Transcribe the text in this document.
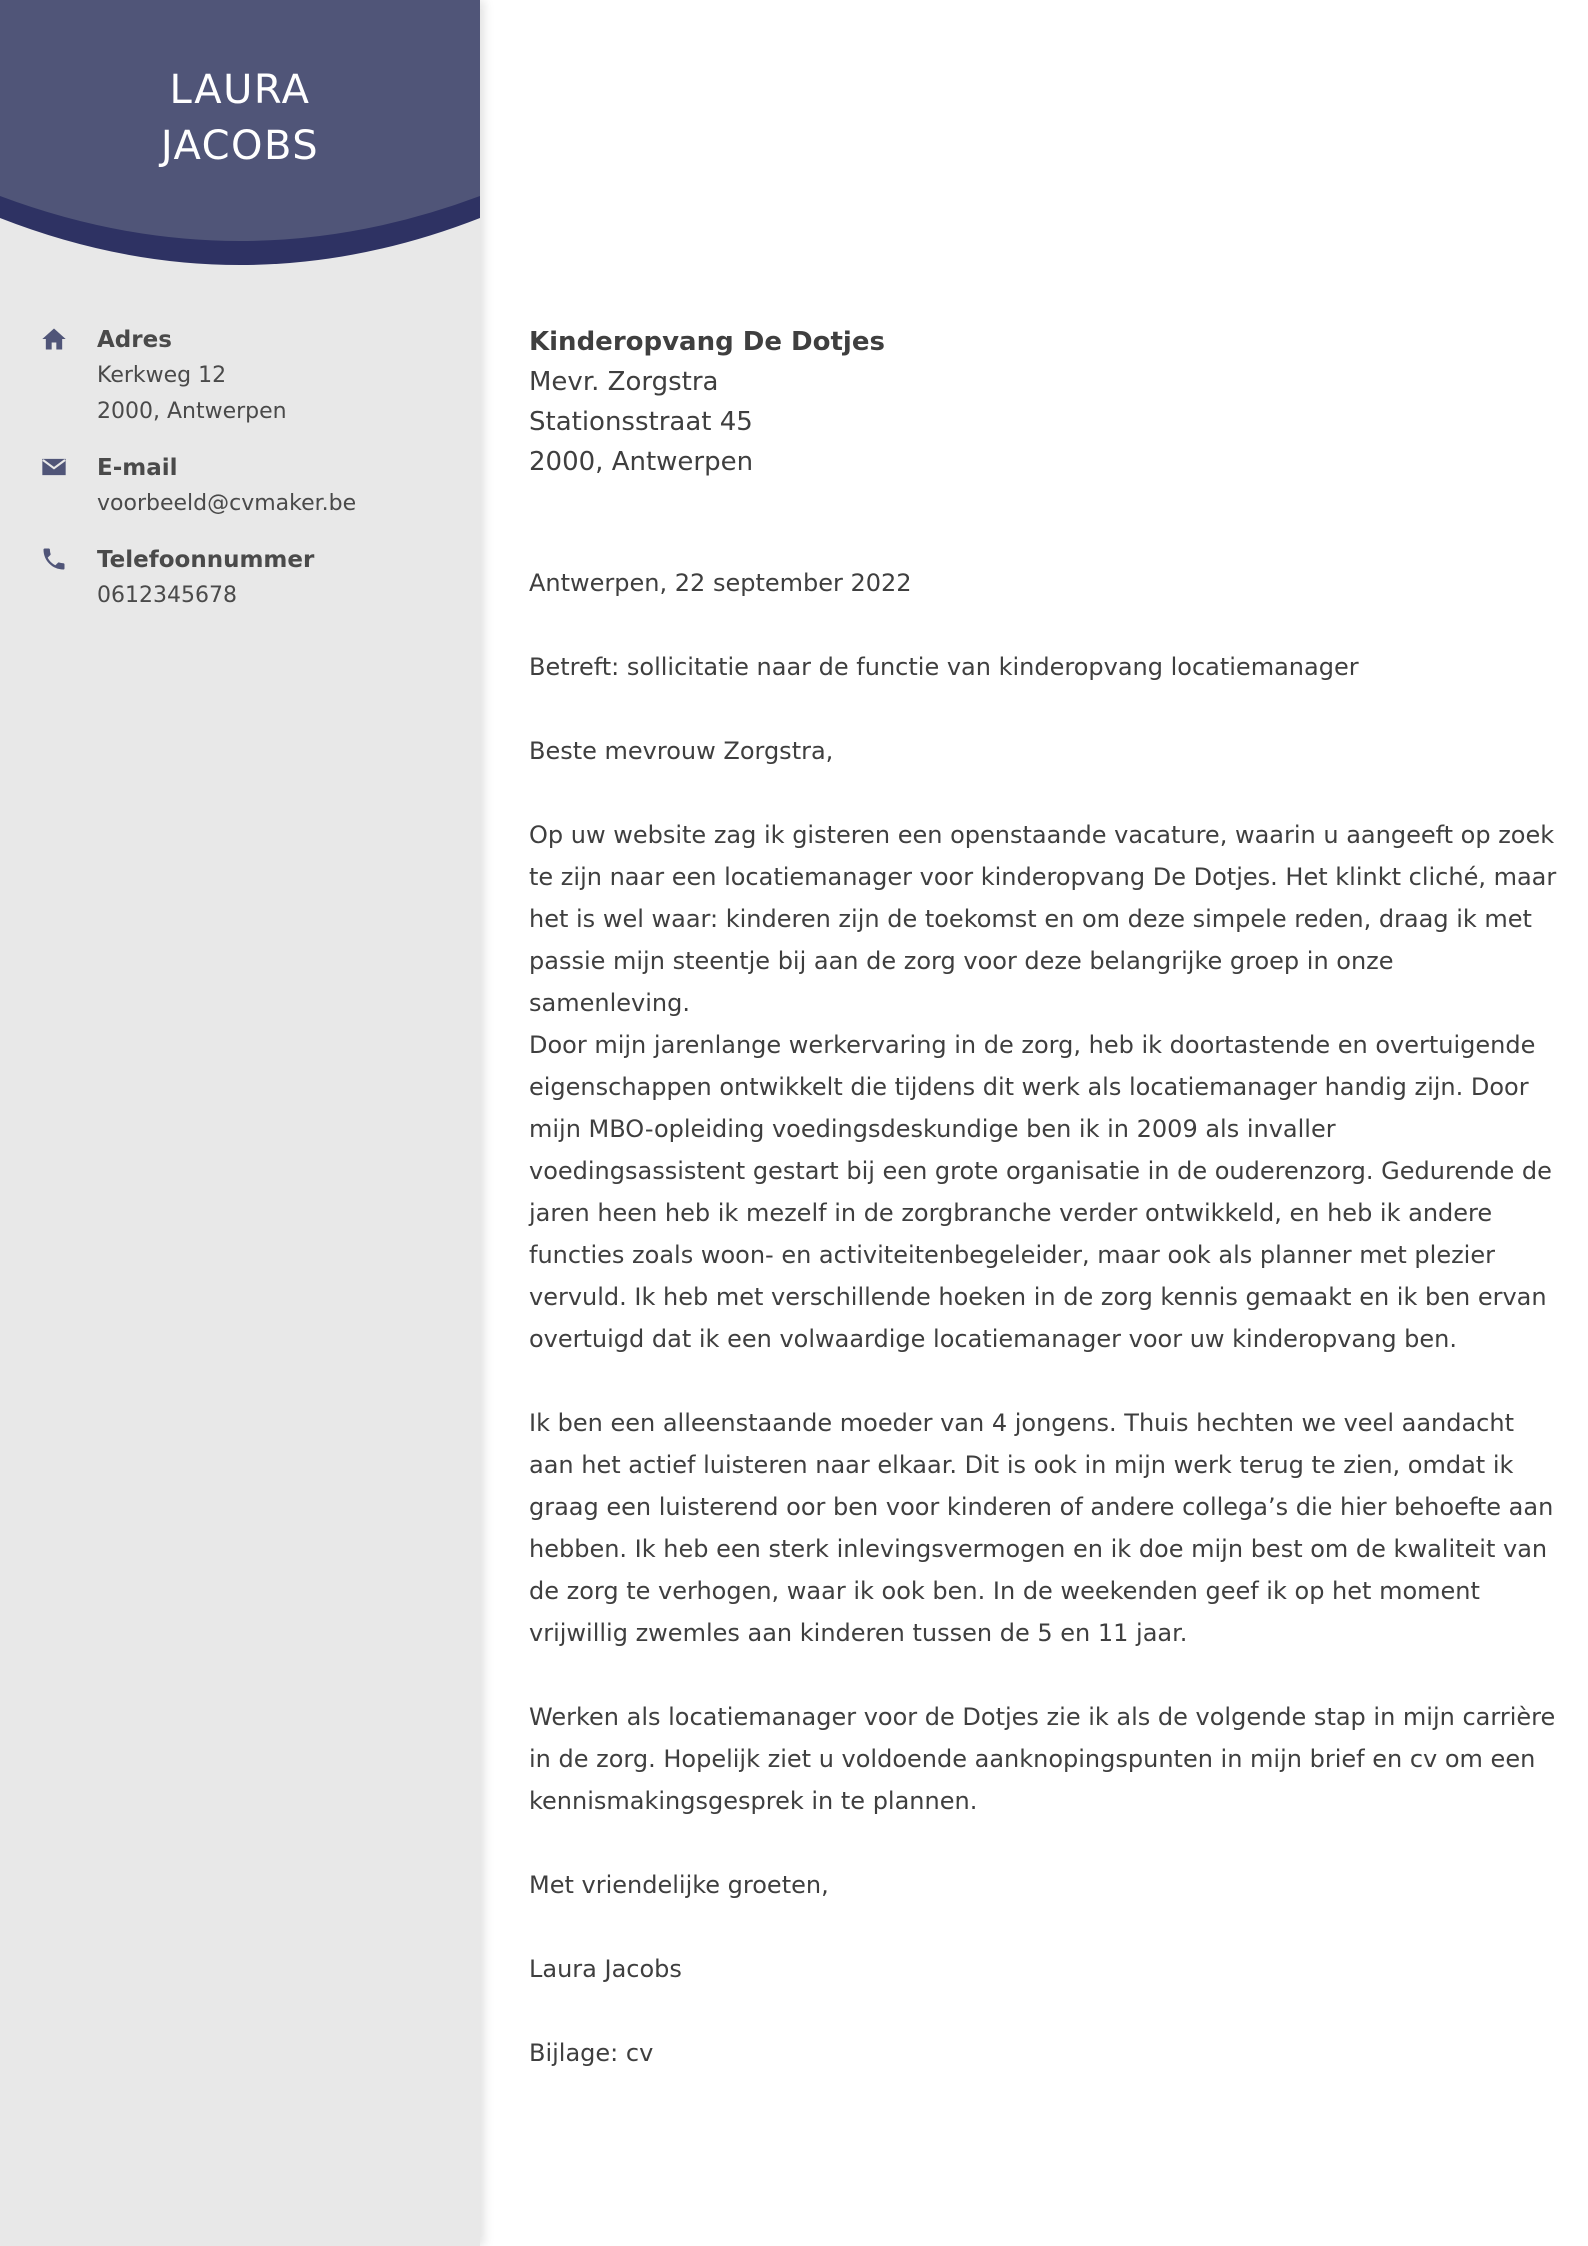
LAURA
JACOBS
Adres
Kerkweg 12
2000, Antwerpen
E-mail
voorbeeld@cvmaker.be
Telefoonnummer
0612345678
Kinderopvang De Dotjes
Mevr. Zorgstra
Stationsstraat 45
2000, Antwerpen

Antwerpen, 22 september 2022

Betreft: sollicitatie naar de functie van kinderopvang locatiemanager

Beste mevrouw Zorgstra,

Op uw website zag ik gisteren een openstaande vacature, waarin u aangeeft op zoek te zijn naar een locatiemanager voor kinderopvang De Dotjes. Het klinkt cliché, maar het is wel waar: kinderen zijn de toekomst en om deze simpele reden, draag ik met passie mijn steentje bij aan de zorg voor deze belangrijke groep in onze samenleving.

Door mijn jarenlange werkervaring in de zorg, heb ik doortastende en overtuigende eigenschappen ontwikkelt die tijdens dit werk als locatiemanager handig zijn. Door mijn MBO-opleiding voedingsdeskundige ben ik in 2009 als invaller voedingsassistent gestart bij een grote organisatie in de ouderenzorg. Gedurende de jaren heen heb ik mezelf in de zorgbranche verder ontwikkeld, en heb ik andere functies zoals woon- en activiteitenbegeleider, maar ook als planner met plezier vervuld. Ik heb met verschillende hoeken in de zorg kennis gemaakt en ik ben ervan overtuigd dat ik een volwaardige locatiemanager voor uw kinderopvang ben.

Ik ben een alleenstaande moeder van 4 jongens. Thuis hechten we veel aandacht aan het actief luisteren naar elkaar. Dit is ook in mijn werk terug te zien, omdat ik graag een luisterend oor ben voor kinderen of andere collega’s die hier behoefte aan hebben. Ik heb een sterk inlevingsvermogen en ik doe mijn best om de kwaliteit van de zorg te verhogen, waar ik ook ben. In de weekenden geef ik op het moment vrijwillig zwemles aan kinderen tussen de 5 en 11 jaar.

Werken als locatiemanager voor de Dotjes zie ik als de volgende stap in mijn carrière in de zorg. Hopelijk ziet u voldoende aanknopingspunten in mijn brief en cv om een kennismakingsgesprek in te plannen.

Met vriendelijke groeten,

Laura Jacobs

Bijlage: cv
